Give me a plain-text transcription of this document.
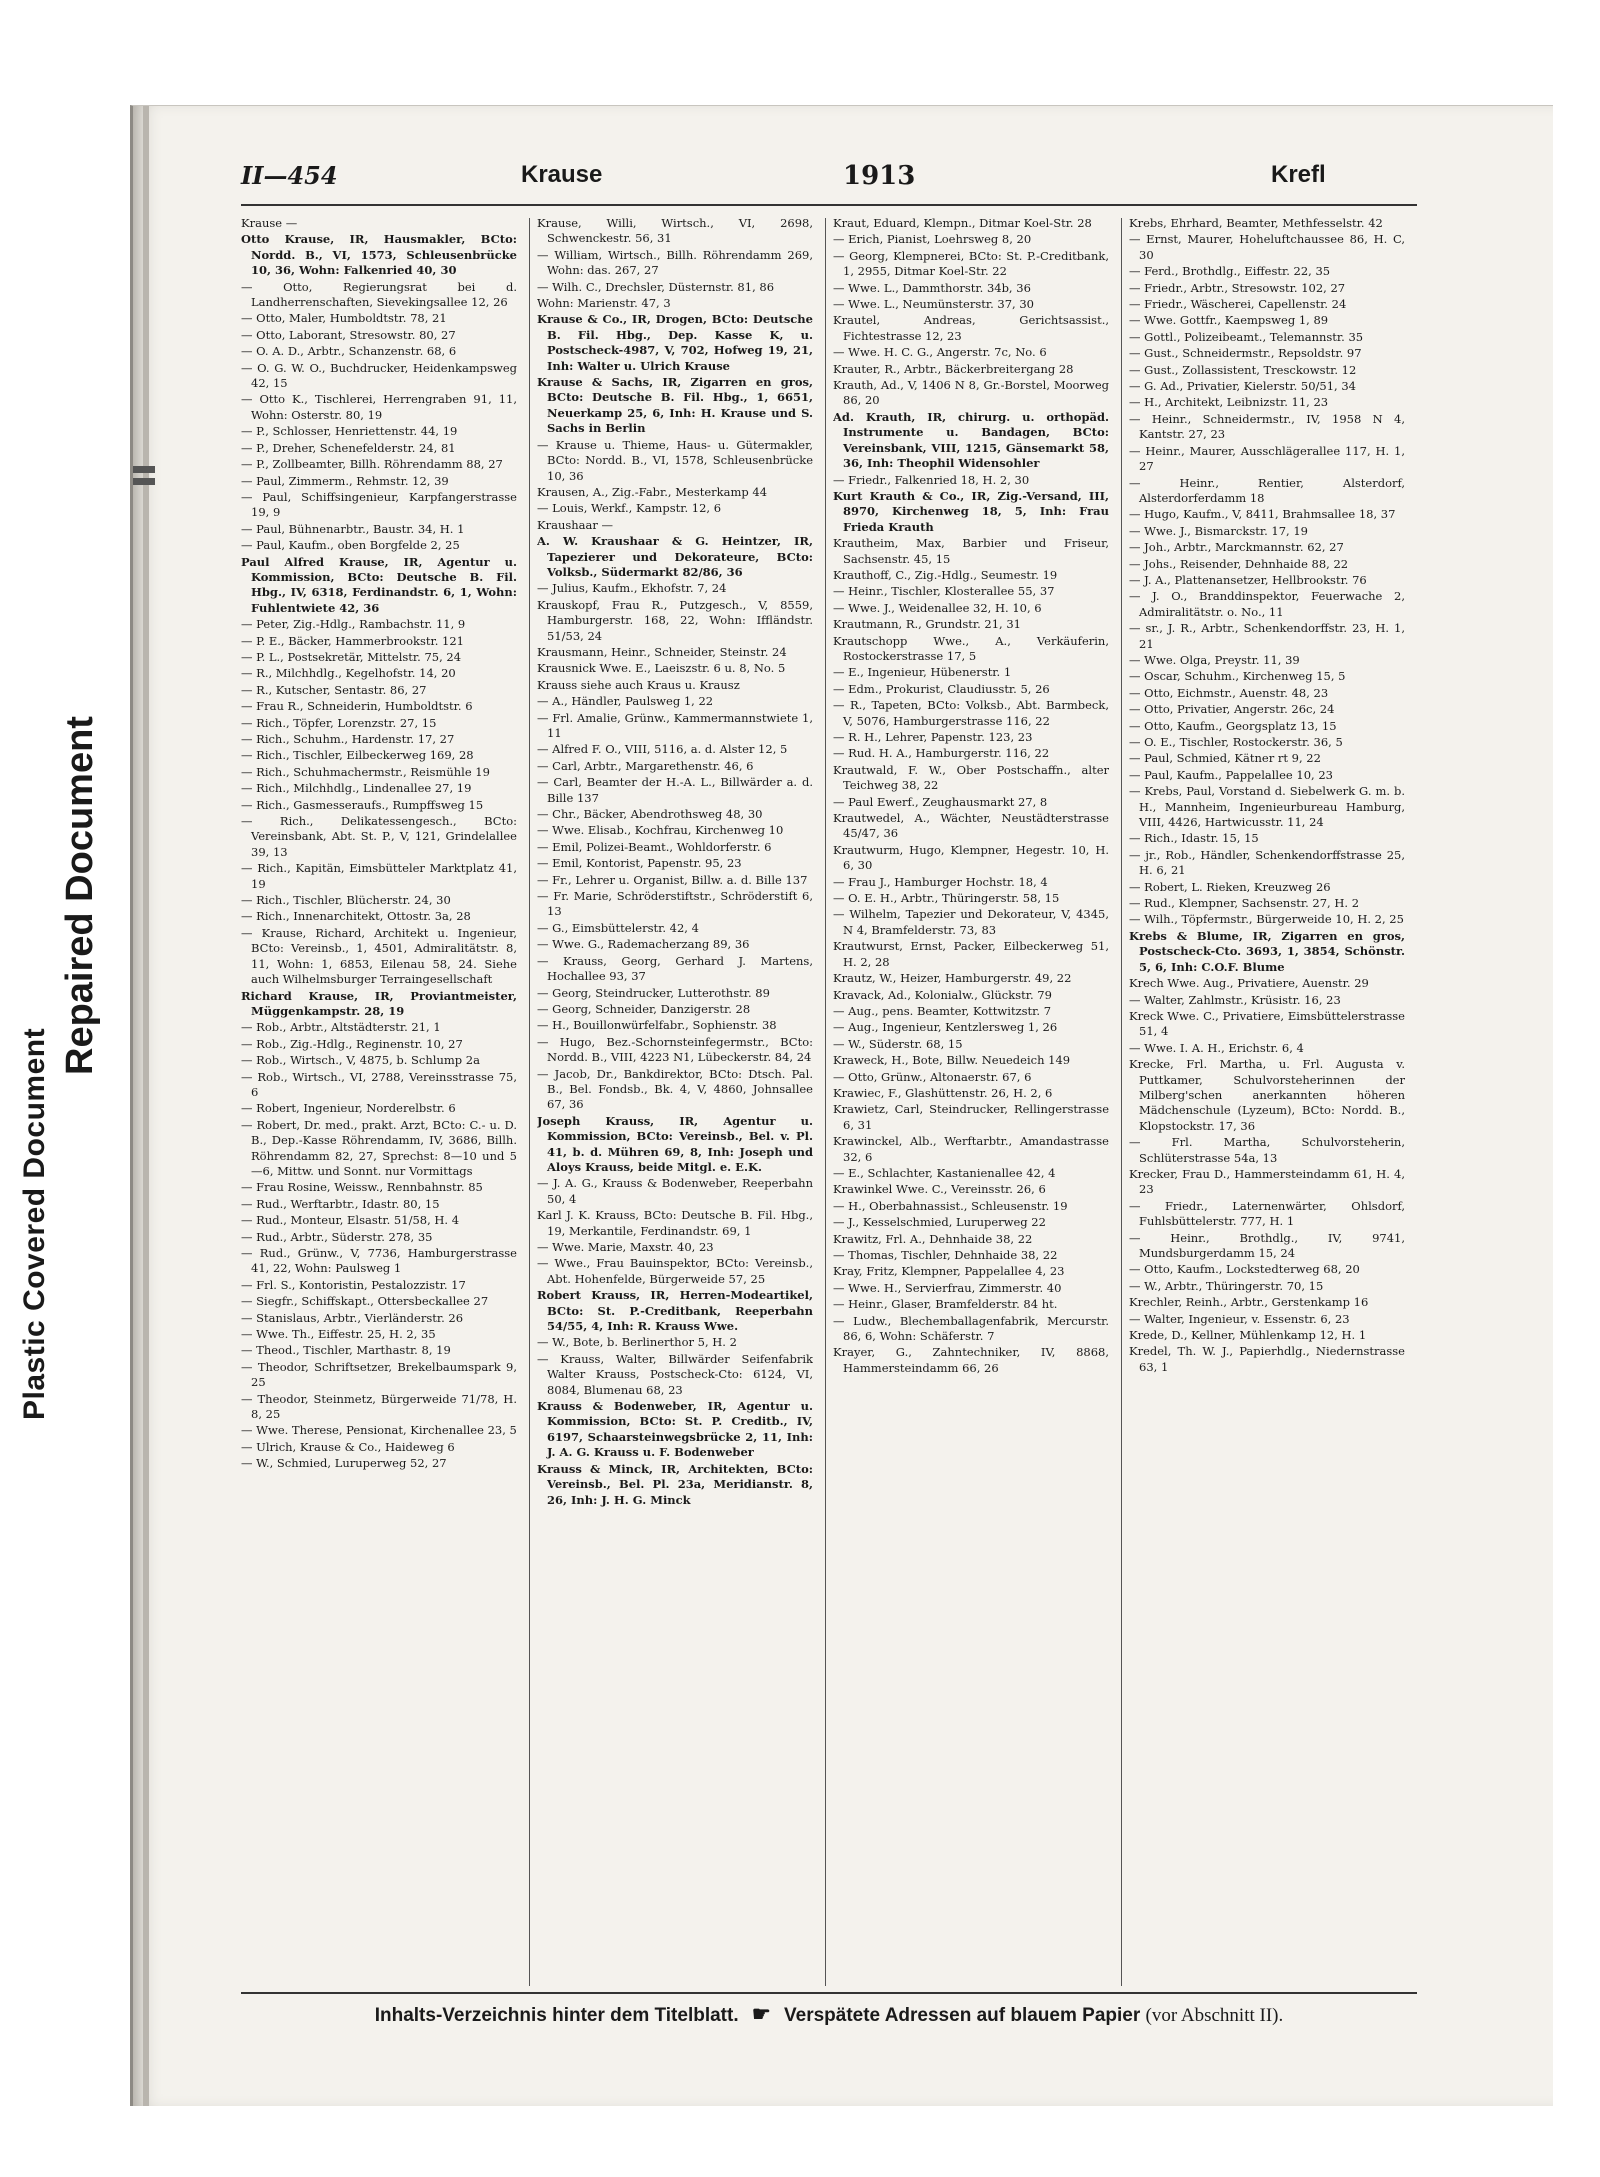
Plastic Covered Document
Repaired Document
II—454	Krause	1913	Krefl

Krause —

Otto Krause, IR, Hausmakler, BCto: Nordd. B., VI, 1573, Schleusenbrücke 10, 36, Wohn: Falkenried 40, 30

— Otto, Regierungsrat bei d. Landherrenschaften, Sievekingsallee 12, 26

— Otto, Maler, Humboldtstr. 78, 21

— Otto, Laborant, Stresowstr. 80, 27

— O. A. D., Arbtr., Schanzenstr. 68, 6

— O. G. W. O., Buchdrucker, Heidenkampsweg 42, 15

— Otto K., Tischlerei, Herrengraben 91, 11, Wohn: Osterstr. 80, 19

— P., Schlosser, Henriettenstr. 44, 19

— P., Dreher, Schenefelderstr. 24, 81

— P., Zollbeamter, Billh. Röhrendamm 88, 27

— Paul, Zimmerm., Rehmstr. 12, 39

— Paul, Schiffsingenieur, Karpfangerstrasse 19, 9

— Paul, Bühnenarbtr., Baustr. 34, H. 1

— Paul, Kaufm., oben Borgfelde 2, 25

Paul Alfred Krause, IR, Agentur u. Kommission, BCto: Deutsche B. Fil. Hbg., IV, 6318, Ferdinandstr. 6, 1, Wohn: Fuhlentwiete 42, 36

— Peter, Zig.-Hdlg., Rambachstr. 11, 9

— P. E., Bäcker, Hammerbrookstr. 121

— P. L., Postsekretär, Mittelstr. 75, 24

— R., Milchhdlg., Kegelhofstr. 14, 20

— R., Kutscher, Sentastr. 86, 27

— Frau R., Schneiderin, Humboldtstr. 6

— Rich., Töpfer, Lorenzstr. 27, 15

— Rich., Schuhm., Hardenstr. 17, 27

— Rich., Tischler, Eilbeckerweg 169, 28

— Rich., Schuhmachermstr., Reismühle 19

— Rich., Milchhdlg., Lindenallee 27, 19

— Rich., Gasmesseraufs., Rumpffsweg 15

— Rich., Delikatessengesch., BCto: Vereinsbank, Abt. St. P., V, 121, Grindelallee 39, 13

— Rich., Kapitän, Eimsbütteler Marktplatz 41, 19

— Rich., Tischler, Blücherstr. 24, 30

— Rich., Innenarchitekt, Ottostr. 3a, 28

— Krause, Richard, Architekt u. Ingenieur, BCto: Vereinsb., 1, 4501, Admiralitätstr. 8, 11, Wohn: 1, 6853, Eilenau 58, 24. Siehe auch Wilhelmsburger Terraingesellschaft

Richard Krause, IR, Proviantmeister, Müggenkampstr. 28, 19

— Rob., Arbtr., Altstädterstr. 21, 1

— Rob., Zig.-Hdlg., Reginenstr. 10, 27

— Rob., Wirtsch., V, 4875, b. Schlump 2a

— Rob., Wirtsch., VI, 2788, Vereinsstrasse 75, 6

— Robert, Ingenieur, Norderelbstr. 6

— Robert, Dr. med., prakt. Arzt, BCto: C.- u. D. B., Dep.-Kasse Röhrendamm, IV, 3686, Billh. Röhrendamm 82, 27, Sprechst: 8—10 und 5—6, Mittw. und Sonnt. nur Vormittags

— Frau Rosine, Weissw., Rennbahnstr. 85

— Rud., Werftarbtr., Idastr. 80, 15

— Rud., Monteur, Elsastr. 51/58, H. 4

— Rud., Arbtr., Süderstr. 278, 35

— Rud., Grünw., V, 7736, Hamburgerstrasse 41, 22, Wohn: Paulsweg 1

— Frl. S., Kontoristin, Pestalozzistr. 17

— Siegfr., Schiffskapt., Ottersbeckallee 27

— Stanislaus, Arbtr., Vierländerstr. 26

— Wwe. Th., Eiffestr. 25, H. 2, 35

— Theod., Tischler, Marthastr. 8, 19

— Theodor, Schriftsetzer, Brekelbaumspark 9, 25

— Theodor, Steinmetz, Bürgerweide 71/78, H. 8, 25

— Wwe. Therese, Pensionat, Kirchenallee 23, 5

— Ulrich, Krause & Co., Haideweg 6

— W., Schmied, Luruperweg 52, 27

Krause, Willi, Wirtsch., VI, 2698, Schwenckestr. 56, 31

— William, Wirtsch., Billh. Röhrendamm 269, Wohn: das. 267, 27

— Wilh. C., Drechsler, Düsternstr. 81, 86

Wohn: Marienstr. 47, 3

Krause & Co., IR, Drogen, BCto: Deutsche B. Fil. Hbg., Dep. Kasse K, u. Postscheck-4987, V, 702, Hofweg 19, 21, Inh: Walter u. Ulrich Krause

Krause & Sachs, IR, Zigarren en gros, BCto: Deutsche B. Fil. Hbg., 1, 6651, Neuerkamp 25, 6, Inh: H. Krause und S. Sachs in Berlin

— Krause u. Thieme, Haus- u. Gütermakler, BCto: Nordd. B., VI, 1578, Schleusenbrücke 10, 36

Krausen, A., Zig.-Fabr., Mesterkamp 44

— Louis, Werkf., Kampstr. 12, 6

Kraushaar —

A. W. Kraushaar & G. Heintzer, IR, Tapezierer und Dekorateure, BCto: Volksb., Südermarkt 82/86, 36

— Julius, Kaufm., Ekhofstr. 7, 24

Krauskopf, Frau R., Putzgesch., V, 8559, Hamburgerstr. 168, 22, Wohn: Iffländstr. 51/53, 24

Krausmann, Heinr., Schneider, Steinstr. 24

Krausnick Wwe. E., Laeiszstr. 6 u. 8, No. 5

Krauss siehe auch Kraus u. Krausz

— A., Händler, Paulsweg 1, 22

— Frl. Amalie, Grünw., Kammermannstwiete 1, 11

— Alfred F. O., VIII, 5116, a. d. Alster 12, 5

— Carl, Arbtr., Margarethenstr. 46, 6

— Carl, Beamter der H.-A. L., Billwärder a. d. Bille 137

— Chr., Bäcker, Abendrothsweg 48, 30

— Wwe. Elisab., Kochfrau, Kirchenweg 10

— Emil, Polizei-Beamt., Wohldorferstr. 6

— Emil, Kontorist, Papenstr. 95, 23

— Fr., Lehrer u. Organist, Billw. a. d. Bille 137

— Fr. Marie, Schröderstiftstr., Schröderstift 6, 13

— G., Eimsbüttelerstr. 42, 4

— Wwe. G., Rademacherzang 89, 36

— Krauss, Georg, Gerhard J. Martens, Hochallee 93, 37

— Georg, Steindrucker, Lutterothstr. 89

— Georg, Schneider, Danzigerstr. 28

— H., Bouillonwürfelfabr., Sophienstr. 38

— Hugo, Bez.-Schornsteinfegermstr., BCto: Nordd. B., VIII, 4223 N1, Lübeckerstr. 84, 24

— Jacob, Dr., Bankdirektor, BCto: Dtsch. Pal. B., Bel. Fondsb., Bk. 4, V, 4860, Johnsallee 67, 36

Joseph Krauss, IR, Agentur u. Kommission, BCto: Vereinsb., Bel. v. Pl. 41, b. d. Mühren 69, 8, Inh: Joseph und Aloys Krauss, beide Mitgl. e. E.K.

— J. A. G., Krauss & Bodenweber, Reeperbahn 50, 4

Karl J. K. Krauss, BCto: Deutsche B. Fil. Hbg., 19, Merkantile, Ferdinandstr. 69, 1

— Wwe. Marie, Maxstr. 40, 23

— Wwe., Frau Bauinspektor, BCto: Vereinsb., Abt. Hohenfelde, Bürgerweide 57, 25

Robert Krauss, IR, Herren-Modeartikel, BCto: St. P.-Creditbank, Reeperbahn 54/55, 4, Inh: R. Krauss Wwe.

— W., Bote, b. Berlinerthor 5, H. 2

— Krauss, Walter, Billwärder Seifenfabrik Walter Krauss, Postscheck-Cto: 6124, VI, 8084, Blumenau 68, 23

Krauss & Bodenweber, IR, Agentur u. Kommission, BCto: St. P. Creditb., IV, 6197, Schaarsteinwegsbrücke 2, 11, Inh: J. A. G. Krauss u. F. Bodenweber

Krauss & Minck, IR, Architekten, BCto: Vereinsb., Bel. Pl. 23a, Meridianstr. 8, 26, Inh: J. H. G. Minck

Kraut, Eduard, Klempn., Ditmar Koel-Str. 28

— Erich, Pianist, Loehrsweg 8, 20

— Georg, Klempnerei, BCto: St. P.-Creditbank, 1, 2955, Ditmar Koel-Str. 22

— Wwe. L., Dammthorstr. 34b, 36

— Wwe. L., Neumünsterstr. 37, 30

Krautel, Andreas, Gerichtsassist., Fichtestrasse 12, 23

— Wwe. H. C. G., Angerstr. 7c, No. 6

Krauter, R., Arbtr., Bäckerbreitergang 28

Krauth, Ad., V, 1406 N 8, Gr.-Borstel, Moorweg 86, 20

Ad. Krauth, IR, chirurg. u. orthopäd. Instrumente u. Bandagen, BCto: Vereinsbank, VIII, 1215, Gänsemarkt 58, 36, Inh: Theophil Widensohler

— Friedr., Falkenried 18, H. 2, 30

Kurt Krauth & Co., IR, Zig.-Versand, III, 8970, Kirchenweg 18, 5, Inh: Frau Frieda Krauth

Krautheim, Max, Barbier und Friseur, Sachsenstr. 45, 15

Krauthoff, C., Zig.-Hdlg., Seumestr. 19

— Heinr., Tischler, Klosterallee 55, 37

— Wwe. J., Weidenallee 32, H. 10, 6

Krautmann, R., Grundstr. 21, 31

Krautschopp Wwe., A., Verkäuferin, Rostockerstrasse 17, 5

— E., Ingenieur, Hübenerstr. 1

— Edm., Prokurist, Claudiusstr. 5, 26

— R., Tapeten, BCto: Volksb., Abt. Barmbeck, V, 5076, Hamburgerstrasse 116, 22

— R. H., Lehrer, Papenstr. 123, 23

— Rud. H. A., Hamburgerstr. 116, 22

Krautwald, F. W., Ober Postschaffn., alter Teichweg 38, 22

— Paul Ewerf., Zeughausmarkt 27, 8

Krautwedel, A., Wächter, Neustädterstrasse 45/47, 36

Krautwurm, Hugo, Klempner, Hegestr. 10, H. 6, 30

— Frau J., Hamburger Hochstr. 18, 4

— O. E. H., Arbtr., Thüringerstr. 58, 15

— Wilhelm, Tapezier und Dekorateur, V, 4345, N 4, Bramfelderstr. 73, 83

Krautwurst, Ernst, Packer, Eilbeckerweg 51, H. 2, 28

Krautz, W., Heizer, Hamburgerstr. 49, 22

Kravack, Ad., Kolonialw., Glückstr. 79

— Aug., pens. Beamter, Kottwitzstr. 7

— Aug., Ingenieur, Kentzlersweg 1, 26

— W., Süderstr. 68, 15

Kraweck, H., Bote, Billw. Neuedeich 149

— Otto, Grünw., Altonaerstr. 67, 6

Krawiec, F., Glashüttenstr. 26, H. 2, 6

Krawietz, Carl, Steindrucker, Rellingerstrasse 6, 31

Krawinckel, Alb., Werftarbtr., Amandastrasse 32, 6

— E., Schlachter, Kastanienallee 42, 4

Krawinkel Wwe. C., Vereinsstr. 26, 6

— H., Oberbahnassist., Schleusenstr. 19

— J., Kesselschmied, Luruperweg 22

Krawitz, Frl. A., Dehnhaide 38, 22

— Thomas, Tischler, Dehnhaide 38, 22

Kray, Fritz, Klempner, Pappelallee 4, 23

— Wwe. H., Servierfrau, Zimmerstr. 40

— Heinr., Glaser, Bramfelderstr. 84 ht.

— Ludw., Blechemballagenfabrik, Mercurstr. 86, 6, Wohn: Schäferstr. 7

Krayer, G., Zahntechniker, IV, 8868, Hammersteindamm 66, 26

Krebs, Ehrhard, Beamter, Methfesselstr. 42

— Ernst, Maurer, Hoheluftchaussee 86, H. C, 30

— Ferd., Brothdlg., Eiffestr. 22, 35

— Friedr., Arbtr., Stresowstr. 102, 27

— Friedr., Wäscherei, Capellenstr. 24

— Wwe. Gottfr., Kaempsweg 1, 89

— Gottl., Polizeibeamt., Telemannstr. 35

— Gust., Schneidermstr., Repsoldstr. 97

— Gust., Zollassistent, Tresckowstr. 12

— G. Ad., Privatier, Kielerstr. 50/51, 34

— H., Architekt, Leibnizstr. 11, 23

— Heinr., Schneidermstr., IV, 1958 N 4, Kantstr. 27, 23

— Heinr., Maurer, Ausschlägerallee 117, H. 1, 27

— Heinr., Rentier, Alsterdorf, Alsterdorferdamm 18

— Hugo, Kaufm., V, 8411, Brahmsallee 18, 37

— Wwe. J., Bismarckstr. 17, 19

— Joh., Arbtr., Marckmannstr. 62, 27

— Johs., Reisender, Dehnhaide 88, 22

— J. A., Plattenansetzer, Hellbrookstr. 76

— J. O., Branddinspektor, Feuerwache 2, Admiralitätstr. o. No., 11

— sr., J. R., Arbtr., Schenkendorffstr. 23, H. 1, 21

— Wwe. Olga, Preystr. 11, 39

— Oscar, Schuhm., Kirchenweg 15, 5

— Otto, Eichmstr., Auenstr. 48, 23

— Otto, Privatier, Angerstr. 26c, 24

— Otto, Kaufm., Georgsplatz 13, 15

— O. E., Tischler, Rostockerstr. 36, 5

— Paul, Schmied, Kätner rt 9, 22

— Paul, Kaufm., Pappelallee 10, 23

— Krebs, Paul, Vorstand d. Siebelwerk G. m. b. H., Mannheim, Ingenieurbureau Hamburg, VIII, 4426, Hartwicusstr. 11, 24

— Rich., Idastr. 15, 15

— jr., Rob., Händler, Schenkendorffstrasse 25, H. 6, 21

— Robert, L. Rieken, Kreuzweg 26

— Rud., Klempner, Sachsenstr. 27, H. 2

— Wilh., Töpfermstr., Bürgerweide 10, H. 2, 25

Krebs & Blume, IR, Zigarren en gros, Postscheck-Cto. 3693, 1, 3854, Schönstr. 5, 6, Inh: C.O.F. Blume

Krech Wwe. Aug., Privatiere, Auenstr. 29

— Walter, Zahlmstr., Krüsistr. 16, 23

Kreck Wwe. C., Privatiere, Eimsbüttelerstrasse 51, 4

— Wwe. I. A. H., Erichstr. 6, 4

Krecke, Frl. Martha, u. Frl. Augusta v. Puttkamer, Schulvorsteherinnen der Milberg'schen anerkannten höheren Mädchenschule (Lyzeum), BCto: Nordd. B., Klopstockstr. 17, 36

— Frl. Martha, Schulvorsteherin, Schlüterstrasse 54a, 13

Krecker, Frau D., Hammersteindamm 61, H. 4, 23

— Friedr., Laternenwärter, Ohlsdorf, Fuhlsbüttelerstr. 777, H. 1

— Heinr., Brothdlg., IV, 9741, Mundsburgerdamm 15, 24

— Otto, Kaufm., Lockstedterweg 68, 20

— W., Arbtr., Thüringerstr. 70, 15

Krechler, Reinh., Arbtr., Gerstenkamp 16

— Walter, Ingenieur, v. Essenstr. 6, 23

Krede, D., Kellner, Mühlenkamp 12, H. 1

Kredel, Th. W. J., Papierhdlg., Niedernstrasse 63, 1

Inhalts-Verzeichnis hinter dem Titelblatt. ☛ Verspätete Adressen auf blauem Papier (vor Abschnitt II).
